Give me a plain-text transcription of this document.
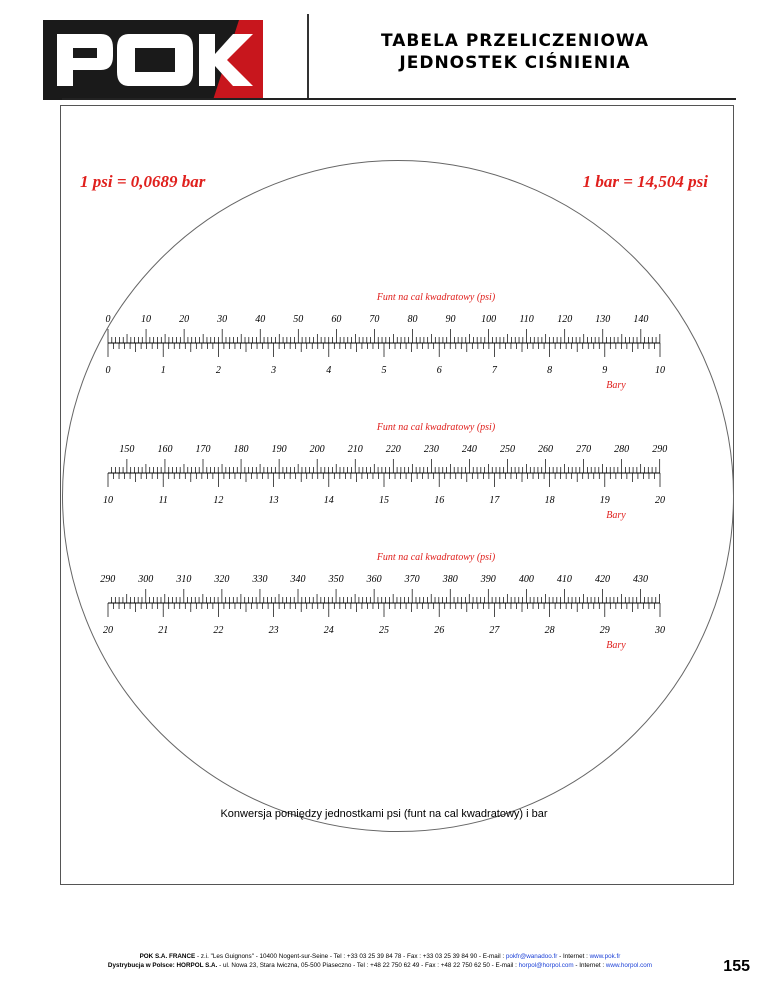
TABELA PRZELICZENIOWA
JEDNOSTEK CIŚNIENIA
1 psi = 0,0689 bar	1 bar = 14,504 psi
Funt na cal kwadratowy (psi)
0	10	20	30	40	50	60	70	80	90	100 110 120 130 140
0	1	2	3	4	5	6	7	8	9	10
Bary
Funt na cal kwadratowy (psi)
150 160 170 180 190 200 210 220 230 240 250 260 270 280 290
10	11	12	13	14	15	16	17	18	19	20
Bary
Funt na cal kwadratowy (psi)
290 300 310 320 330 340 350 360 370 380 390 400 410 420 430
20	21	22	23	24	25	26	27	28	29	30
Bary
Konwersja pomiędzy jednostkami psi (funt na cal kwadratowy) i bar
POK S.A. FRANCE - z.i. "Les Guignons" - 10400 Nogent-sur-Seine - Tel : +33 03 25 39 84 78 - Fax : +33 03 25 39 84 90 - E-mail : pokfr@wanadoo.fr - Internet : www.pok.fr
Dystrybucja w Polsce: HORPOL S.A. - ul. Nowa 23, Stara Iwiczna, 05-500 Piaseczno - Tel : +48 22 750 62 49 - Fax : +48 22 750 62 50 - E-mail : horpol@horpol.com - Internet : www.horpol.com	155
